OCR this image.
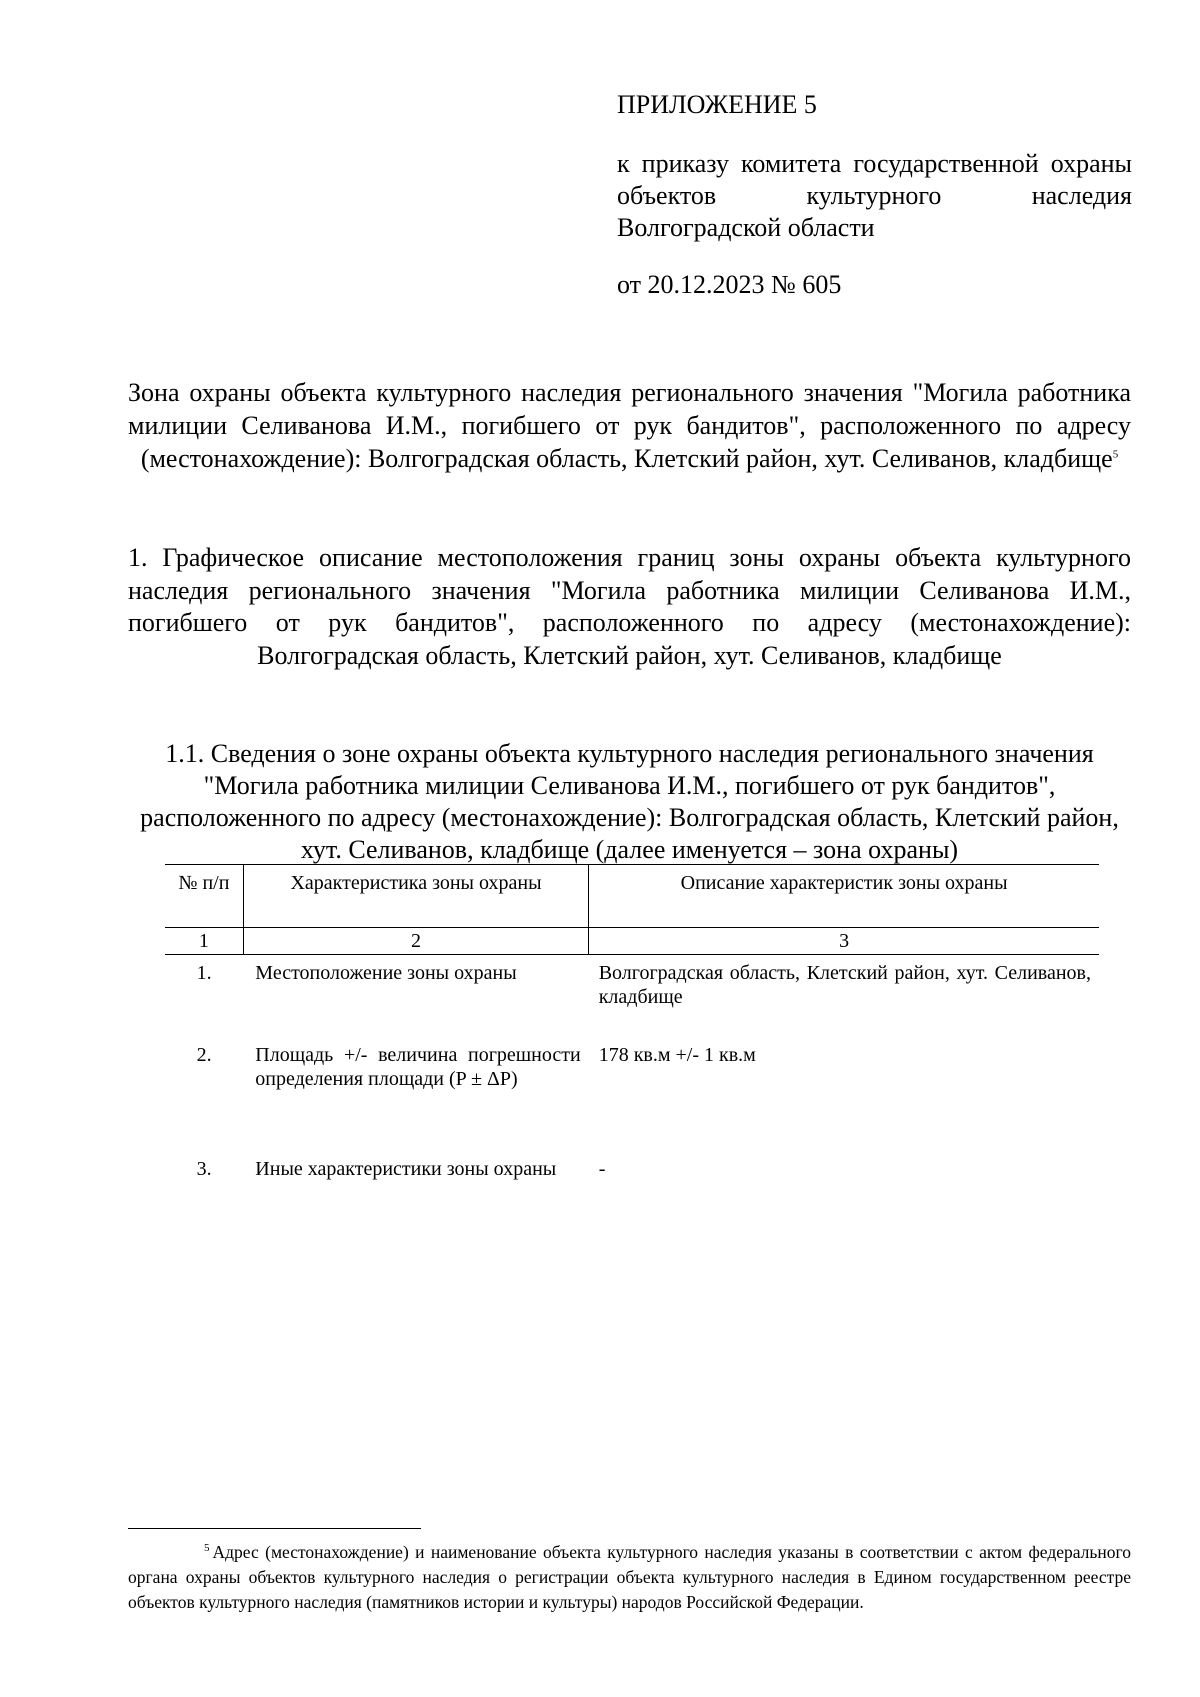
ПРИЛОЖЕНИЕ 5
к приказу комитета государственной охраны объектов культурного наследия Волгоградской области
от 20.12.2023 № 605
Зона охраны объекта культурного наследия регионального значения "Могила работника милиции Селиванова И.М., погибшего от рук бандитов", расположенного по адресу (местонахождение): Волгоградская область, Клетский район, хут. Селиванов, кладбище$^5$
1. Графическое описание местоположения границ зоны охраны объекта культурного наследия регионального значения "Могила работника милиции Селиванова И.М., погибшего от рук бандитов", расположенного по адресу (местонахождение): Волгоградская область, Клетский район, хут. Селиванов, кладбище
1.1. Сведения о зоне охраны объекта культурного наследия регионального значения "Могила работника милиции Селиванова И.М., погибшего от рук бандитов", расположенного по адресу (местонахождение): Волгоградская область, Клетский район, хут. Селиванов, кладбище (далее именуется – зона охраны)
№ п/п	Характеристика зоны охраны	Описание характеристик зоны охраны
1	2	3
1.	Местоположение зоны охраны	Волгоградская область, Клетский район, хут. Селиванов, кладбище
2.	Площадь +/- величина погрешности определения площади (P ± ΔP)	178 кв.м +/- 1 кв.м
3.	Иные характеристики зоны охраны	-
$^5$ Адрес (местонахождение) и наименование объекта культурного наследия указаны в соответствии с актом федерального органа охраны объектов культурного наследия о регистрации объекта культурного наследия в Едином государственном реестре объектов культурного наследия (памятников истории и культуры) народов Российской Федерации.
